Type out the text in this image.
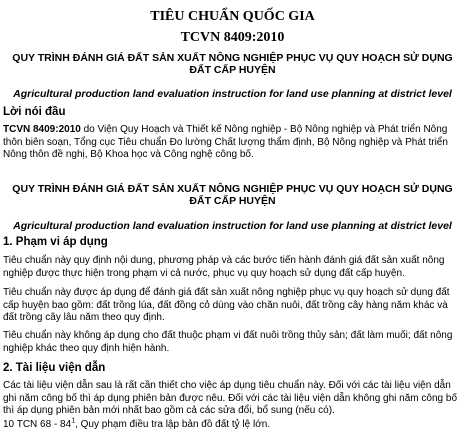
TIÊU CHUẨN QUỐC GIA
TCVN 8409:2010
QUY TRÌNH ĐÁNH GIÁ ĐẤT SẢN XUẤT NÔNG NGHIỆP PHỤC VỤ QUY HOẠCH SỬ DỤNG ĐẤT CẤP HUYỆN
Agricultural production land evaluation instruction for land use planning at district level
Lời nói đầu
TCVN 8409:2010 do Viện Quy Hoạch và Thiết kế Nông nghiệp - Bộ Nông nghiệp và Phát triển Nông thôn biên soạn, Tổng cục Tiêu chuẩn Đo lường Chất lượng thẩm định, Bộ Nông nghiệp và Phát triển Nông thôn đề nghị, Bộ Khoa học và Công nghệ công bố.
QUY TRÌNH ĐÁNH GIÁ ĐẤT SẢN XUẤT NÔNG NGHIỆP PHỤC VỤ QUY HOẠCH SỬ DỤNG ĐẤT CẤP HUYỆN
Agricultural production land evaluation instruction for land use planning at district level
1. Phạm vi áp dụng
Tiêu chuẩn này quy định nội dung, phương pháp và các bước tiến hành đánh giá đất sản xuất nông nghiệp được thực hiện trong phạm vi cả nước, phục vụ quy hoạch sử dụng đất cấp huyện.
Tiêu chuẩn này được áp dụng để đánh giá đất sản xuất nông nghiệp phục vụ quy hoạch sử dụng đất cấp huyện bao gồm: đất trồng lúa, đất đồng cỏ dùng vào chăn nuôi, đất trồng cây hàng năm khác và đất trồng cây lâu năm theo quy định.
Tiêu chuẩn này không áp dụng cho đất thuộc phạm vi đất nuôi trồng thủy sản; đất làm muối; đất nông nghiệp khác theo quy định hiện hành.
2. Tài liệu viện dẫn
Các tài liệu viện dẫn sau là rất cần thiết cho việc áp dụng tiêu chuẩn này. Đối với các tài liệu viện dẫn ghi năm công bố thì áp dụng phiên bản được nêu. Đối với các tài liệu viện dẫn không ghi năm công bố thì áp dụng phiên bản mới nhất bao gồm cả các sửa đổi, bổ sung (nếu có).
10 TCN $68 - 84^1$, Quy phạm điều tra lập bản đồ đất tỷ lệ lớn.
